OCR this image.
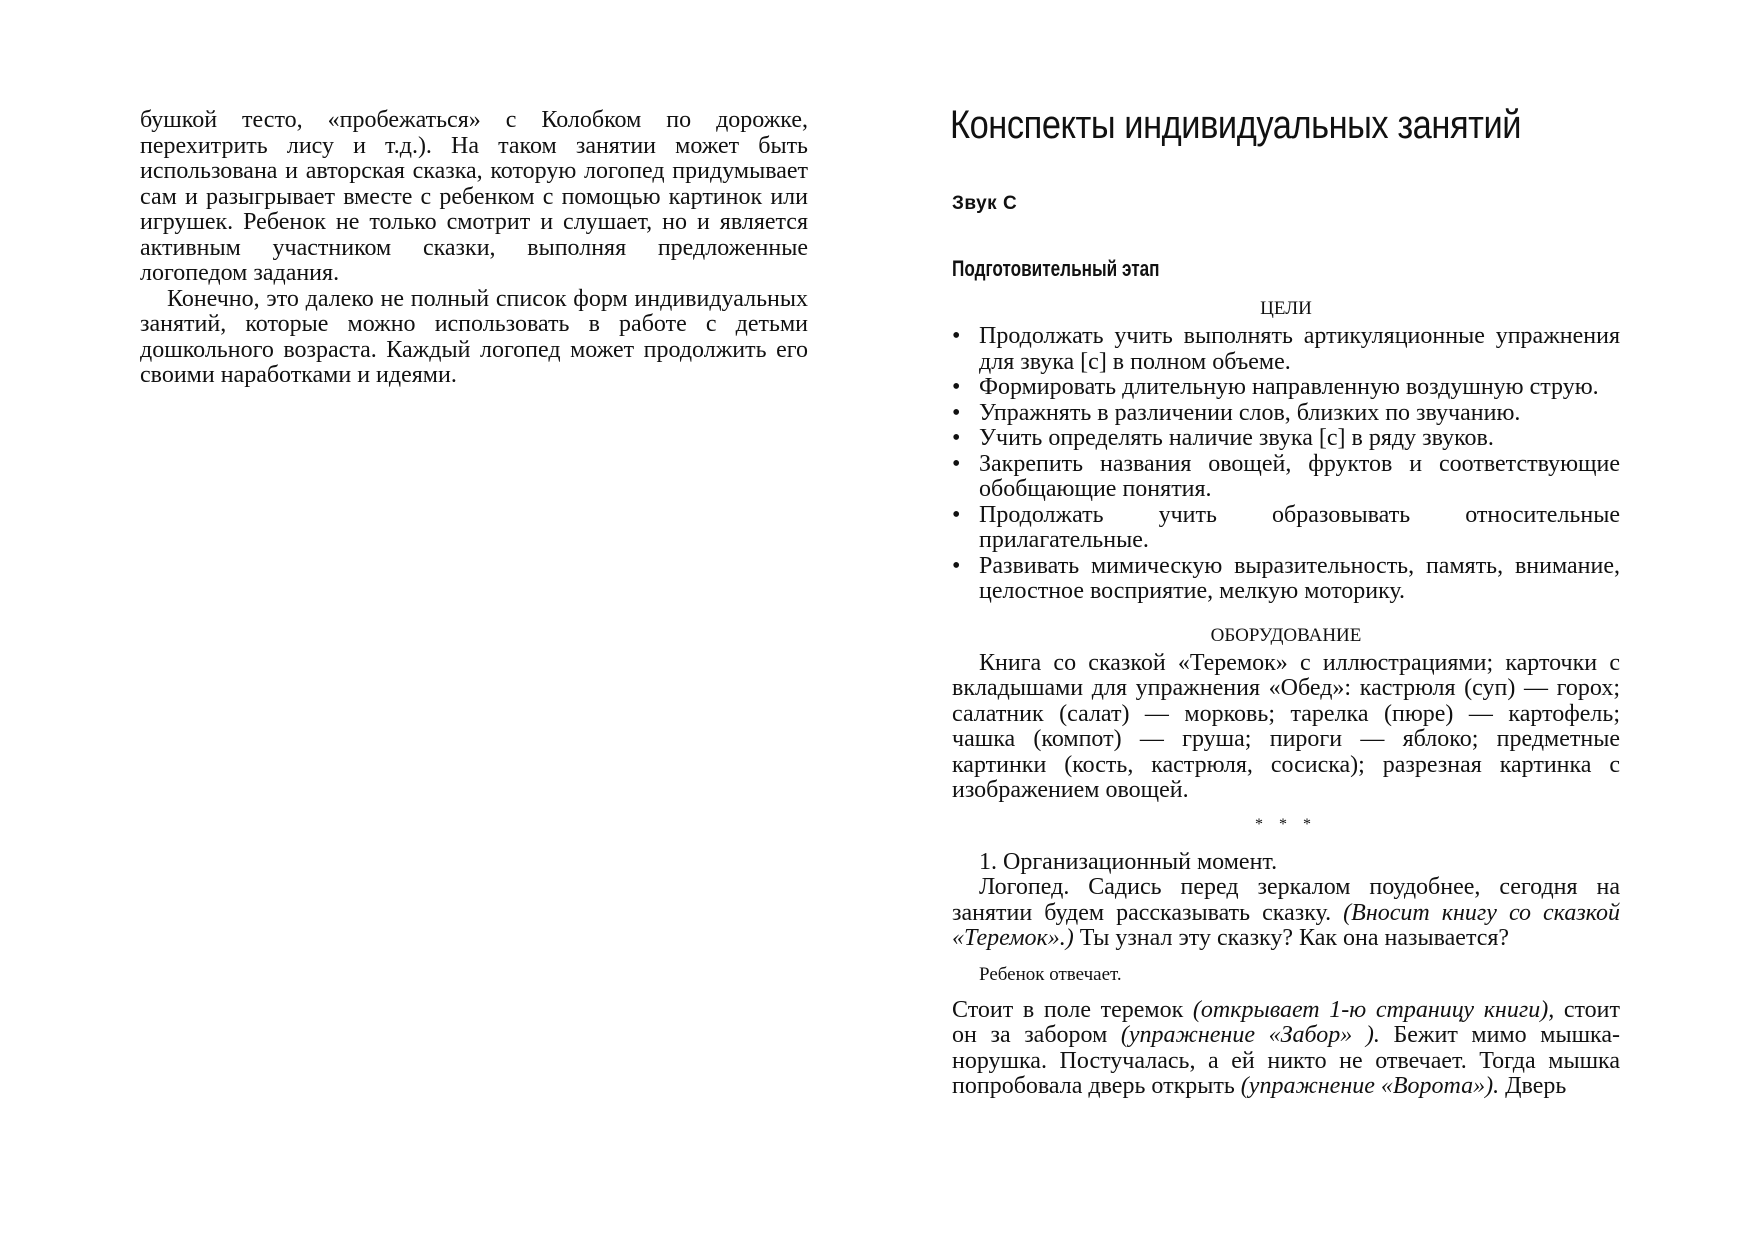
бушкой тесто, «пробежаться» с Колобком по дорожке, перехитрить лису и т.д.). На таком занятии может быть использована и авторская сказка, которую логопед придумывает сам и разыгрывает вместе с ребенком с помощью картинок или игрушек. Ребенок не только смотрит и слушает, но и является активным участником сказки, выполняя предложенные логопедом задания.

Конечно, это далеко не полный список форм индивидуальных занятий, которые можно использовать в работе с детьми дошкольного возраста. Каждый логопед может продолжить его своими наработками и идеями.

Конспекты индивидуальных занятий
Звук С
Подготовительный этап

ЦЕЛИ

• Продолжать учить выполнять артикуляционные упражнения для звука [с] в полном объеме.
• Формировать длительную направленную воздушную струю.
• Упражнять в различении слов, близких по звучанию.
• Учить определять наличие звука [с] в ряду звуков.
• Закрепить названия овощей, фруктов и соответствующие обобщающие понятия.
• Продолжать учить образовывать относительные прилагательные.
• Развивать мимическую выразительность, память, внимание, целостное восприятие, мелкую моторику.

ОБОРУДОВАНИЕ

Книга со сказкой «Теремок» с иллюстрациями; карточки с вкладышами для упражнения «Обед»: кастрюля (суп) — горох; салатник (салат) — морковь; тарелка (пюре) — картофель; чашка (компот) — груша; пироги — яблоко; предметные картинки (кость, кастрюля, сосиска); разрезная картинка с изображением овощей.

* * *

1. Организационный момент.

Логопед. Садись перед зеркалом поудобнее, сегодня на занятии будем рассказывать сказку. (Вносит книгу со сказкой «Теремок».) Ты узнал эту сказку? Как она называется?

Ребенок отвечает.

Стоит в поле теремок (открывает 1-ю страницу книги), стоит он за забором (упражнение «Забор» ). Бежит мимо мышка-норушка. Постучалась, а ей никто не отвечает. Тогда мышка попробовала дверь открыть (упражнение «Ворота»). Дверь
